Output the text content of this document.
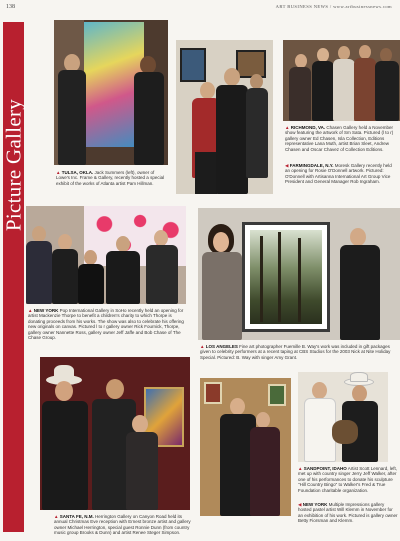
138	ART BUSINESS NEWS / www.artbusinessnews.com
Picture Gallery	▲ TULSA, OKLA. Jack Summers (left), owner of Lowe's Inc. Frame & Gallery, recently hosted a special exhibit of the works of Atlanta artist Pam Hillman.
▲ RICHMOND, VA. Chasen Gallery held a November show featuring the artwork of Sm Sata. Pictured (l to r) gallery owner Ed Chasen, Isla Collection, Editions representative Lana Muth, artist Brian Sleet, Andrew Chasen and Oscar Chavez of Collection Editions.
◀ FARMINGDALE, N.Y. Moresk Gallery recently held an opening for Rosie O'Donnell artwork. Pictured: O'Donnell with Artisanna International Art Group Vice President and General Manager Rob Ingraham.
▲ NEW YORK Pop International Gallery in SoHo recently held an opening for artist Mackenzie Thorpe to benefit a children's charity to which Thorpe is donating proceeds from his works. The show was also to celebrate his offering new originals on canvas. Pictured l to r gallery owner Rick Fournick, Thorpe, gallery owner Nannette Ross, gallery owner Jeff Jaffe and Bob Chase of The Chase Group.
▲ LOS ANGELES Fine art photographer Fuemille B. Way's work was included in gift packages given to celebrity performers at a recent taping at CBS Studios for the 2003 Nick at Nite Holiday Special. Pictured: B. Way with singer Amy Grant.
▲ SANTA FE, N.M. Herrington Gallery on Canyon Road held its annual Christmas Eve reception with Ernest bronze artist and gallery owner Michael Herrington, special guest Ronnie Dunn (from country music group Brooks & Dunn) and artist Renee Steger Simpson.
▲ SANDPOINT, IDAHO Artist Scott Lennard, left, met up with country singer Jerry Jeff Walker, after one of his performances to donate his sculpture "Hill Country Bingo" to Walker's Fred & True Foundation charitable organization.
◀ NEW YORK Multiple Impressions gallery hosted pastel artist Will Klemm in November for an exhibition of his work. Pictured is gallery owner Betty Fiorsman and Klemm.
